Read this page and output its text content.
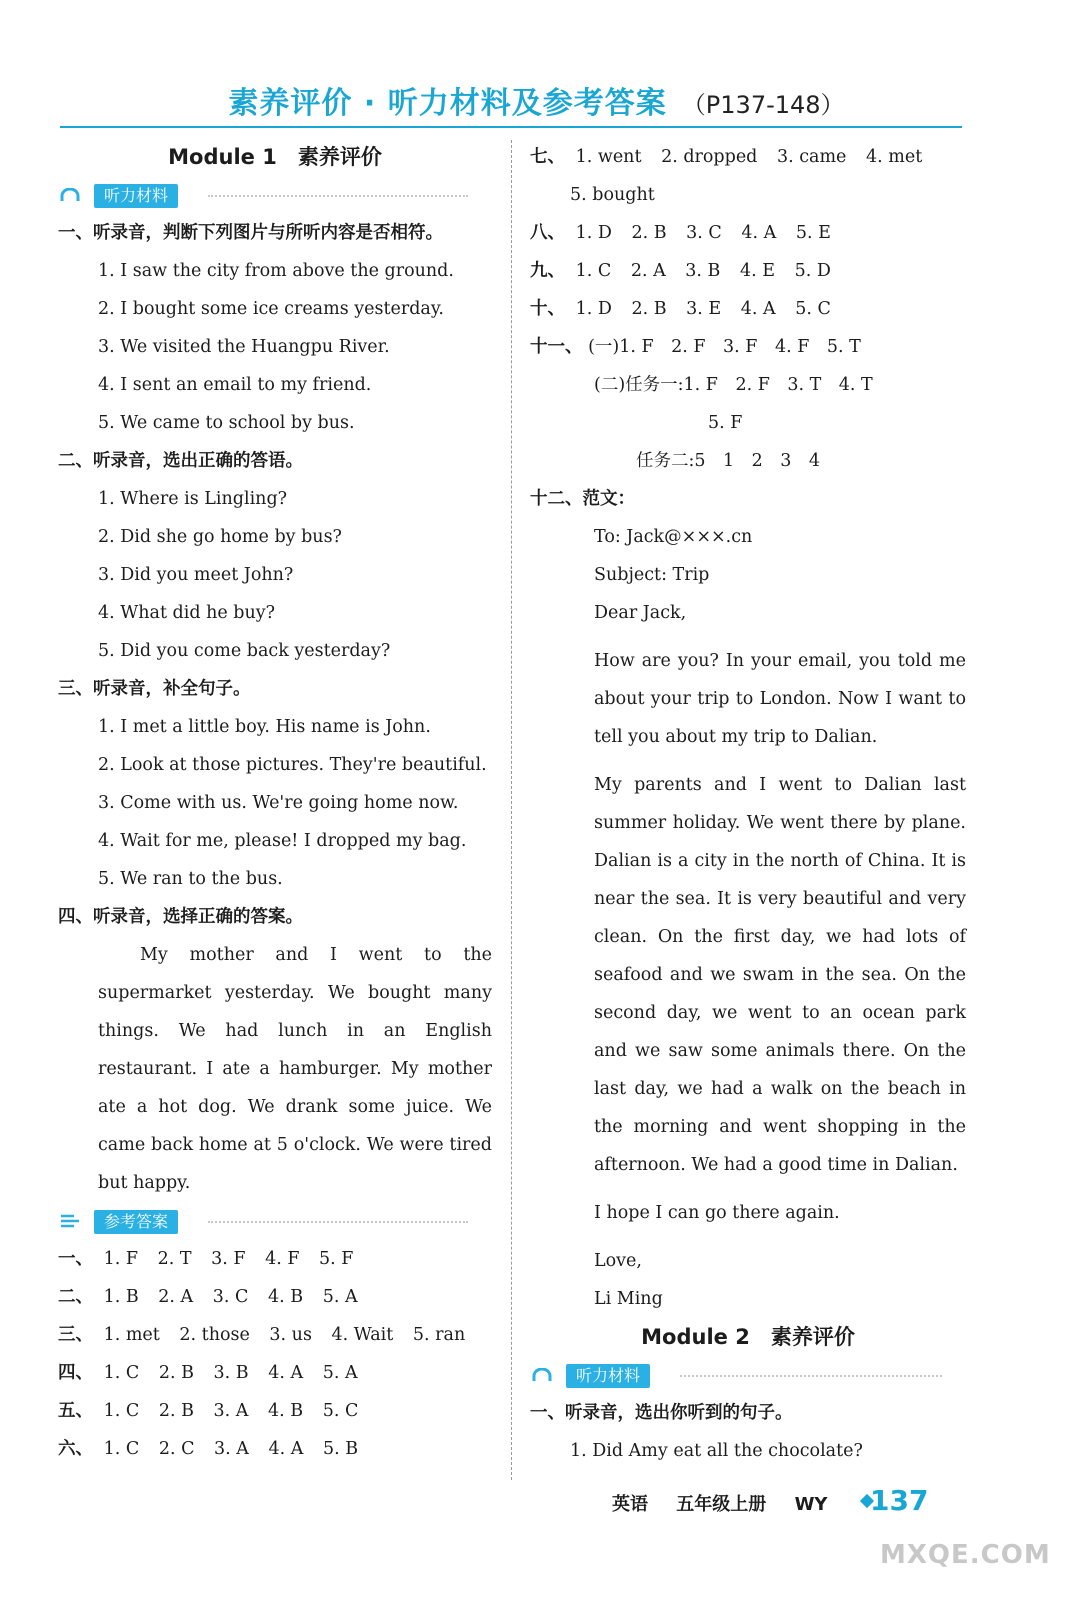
素养评价 · 听力材料及参考答案 （P137-148）
Module 1　素养评价
听力材料
一、听录音，判断下列图片与所听内容是否相符。
1. I saw the city from above the ground.
2. I bought some ice creams yesterday.
3. We visited the Huangpu River.
4. I sent an email to my friend.
5. We came to school by bus.
二、听录音，选出正确的答语。
1. Where is Lingling?
2. Did she go home by bus?
3. Did you meet John?
4. What did he buy?
5. Did you come back yesterday?
三、听录音，补全句子。
1. I met a little boy. His name is John.
2. Look at those pictures. They're beautiful.
3. Come with us. We're going home now.
4. Wait for me, please! I dropped my bag.
5. We ran to the bus.
四、听录音，选择正确的答案。
My mother and I went to the supermarket yesterday. We bought many things. We had lunch in an English restaurant. I ate a hamburger. My mother ate a hot dog. We drank some juice. We came back home at 5 o'clock. We were tired but happy.
参考答案
一、 1. F 2. T 3. F 4. F 5. F
二、 1. B 2. A 3. C 4. B 5. A
三、 1. met 2. those 3. us 4. Wait 5. ran
四、 1. C 2. B 3. B 4. A 5. A
五、 1. C 2. B 3. A 4. B 5. C
六、 1. C 2. C 3. A 4. A 5. B
七、 1. went 2. dropped 3. came 4. met
5. bought
八、 1. D 2. B 3. C 4. A 5. E
九、 1. C 2. A 3. B 4. E 5. D
十、 1. D 2. B 3. E 4. A 5. C
十一、 (一)1. F　2. F　3. F　4. F　5. T
(二)任务一:1. F　2. F　3. T　4. T
5. F
任务二:5　1　2　3　4
十二、范文：
To: Jack@×××.cn
Subject: Trip
Dear Jack,

How are you? In your email, you told me about your trip to London. Now I want to tell you about my trip to Dalian.

My parents and I went to Dalian last summer holiday. We went there by plane. Dalian is a city in the north of China. It is near the sea. It is very beautiful and very clean. On the first day, we had lots of seafood and we swam in the sea. On the second day, we went to an ocean park and we saw some animals there. On the last day, we had a walk on the beach in the morning and went shopping in the afternoon. We had a good time in Dalian.

I hope I can go there again.

Love,
Li Ming
Module 2　素养评价
听力材料
一、听录音，选出你听到的句子。
1. Did Amy eat all the chocolate?
英语 五年级上册 WY	137
MXQE.COM
